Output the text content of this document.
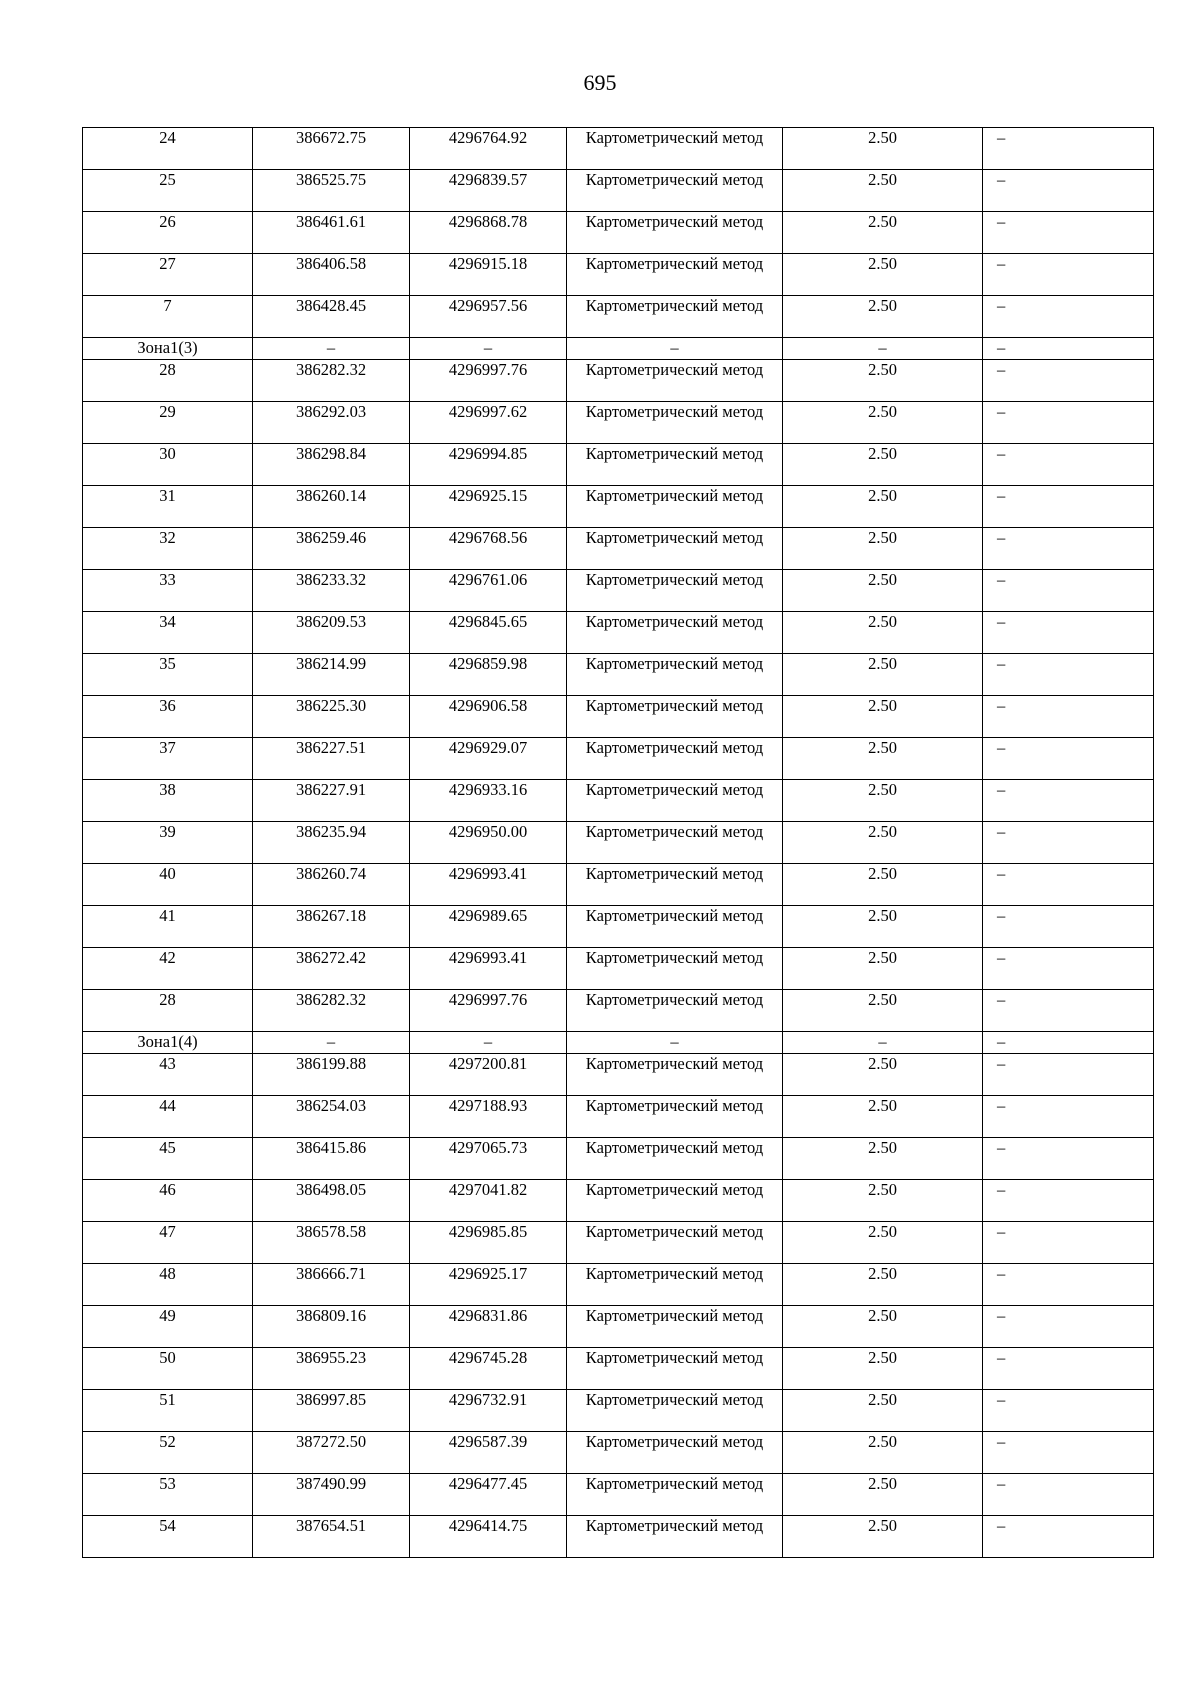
695
24	386672.75	4296764.92	Картометрический метод	2.50	–
25	386525.75	4296839.57	Картометрический метод	2.50	–
26	386461.61	4296868.78	Картометрический метод	2.50	–
27	386406.58	4296915.18	Картометрический метод	2.50	–
7	386428.45	4296957.56	Картометрический метод	2.50	–
Зона1(3)	–	–	–	–	–
28	386282.32	4296997.76	Картометрический метод	2.50	–
29	386292.03	4296997.62	Картометрический метод	2.50	–
30	386298.84	4296994.85	Картометрический метод	2.50	–
31	386260.14	4296925.15	Картометрический метод	2.50	–
32	386259.46	4296768.56	Картометрический метод	2.50	–
33	386233.32	4296761.06	Картометрический метод	2.50	–
34	386209.53	4296845.65	Картометрический метод	2.50	–
35	386214.99	4296859.98	Картометрический метод	2.50	–
36	386225.30	4296906.58	Картометрический метод	2.50	–
37	386227.51	4296929.07	Картометрический метод	2.50	–
38	386227.91	4296933.16	Картометрический метод	2.50	–
39	386235.94	4296950.00	Картометрический метод	2.50	–
40	386260.74	4296993.41	Картометрический метод	2.50	–
41	386267.18	4296989.65	Картометрический метод	2.50	–
42	386272.42	4296993.41	Картометрический метод	2.50	–
28	386282.32	4296997.76	Картометрический метод	2.50	–
Зона1(4)	–	–	–	–	–
43	386199.88	4297200.81	Картометрический метод	2.50	–
44	386254.03	4297188.93	Картометрический метод	2.50	–
45	386415.86	4297065.73	Картометрический метод	2.50	–
46	386498.05	4297041.82	Картометрический метод	2.50	–
47	386578.58	4296985.85	Картометрический метод	2.50	–
48	386666.71	4296925.17	Картометрический метод	2.50	–
49	386809.16	4296831.86	Картометрический метод	2.50	–
50	386955.23	4296745.28	Картометрический метод	2.50	–
51	386997.85	4296732.91	Картометрический метод	2.50	–
52	387272.50	4296587.39	Картометрический метод	2.50	–
53	387490.99	4296477.45	Картометрический метод	2.50	–
54	387654.51	4296414.75	Картометрический метод	2.50	–
